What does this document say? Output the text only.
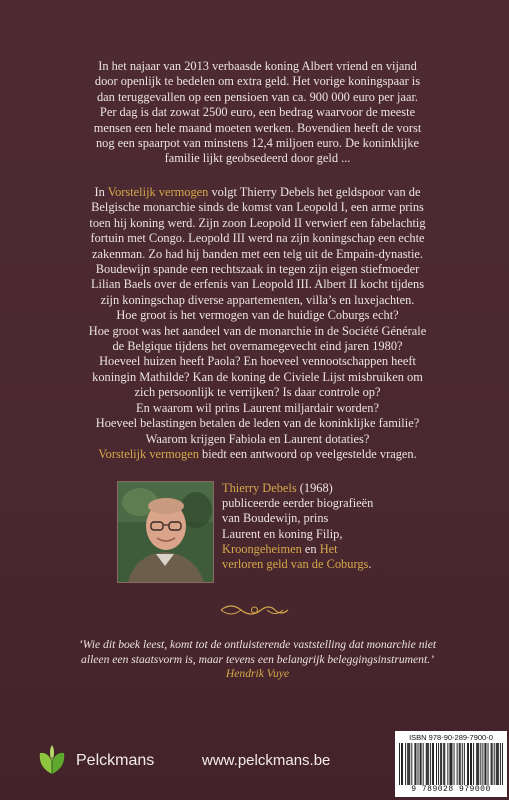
In het najaar van 2013 verbaasde koning Albert vriend en vijand
door openlijk te bedelen om extra geld. Het vorige koningspaar is
dan teruggevallen op een pensioen van ca. 900 000 euro per jaar.
Per dag is dat zowat 2500 euro, een bedrag waarvoor de meeste
mensen een hele maand moeten werken. Bovendien heeft de vorst
nog een spaarpot van minstens 12,4 miljoen euro. De koninklijke
familie lijkt geobsedeerd door geld ...
In Vorstelijk vermogen volgt Thierry Debels het geldspoor van de
Belgische monarchie sinds de komst van Leopold I, een arme prins
toen hij koning werd. Zijn zoon Leopold II verwierf een fabelachtig
fortuin met Congo. Leopold III werd na zijn koningschap een echte
zakenman. Zo had hij banden met een telg uit de Empain-dynastie.
Boudewijn spande een rechtszaak in tegen zijn eigen stiefmoeder
Lilian Baels over de erfenis van Leopold III. Albert II kocht tijdens
zijn koningschap diverse appartementen, villa’s en luxejachten.
Hoe groot is het vermogen van de huidige Coburgs echt?
Hoe groot was het aandeel van de monarchie in de Société Générale
de Belgique tijdens het overnamegevecht eind jaren 1980?
Hoeveel huizen heeft Paola? En hoeveel vennootschappen heeft
koningin Mathilde? Kan de koning de Civiele Lijst misbruiken om
zich persoonlijk te verrijken? Is daar controle op?
En waarom wil prins Laurent miljardair worden?
Hoeveel belastingen betalen de leden van de koninklijke familie?
Waarom krijgen Fabiola en Laurent dotaties?
Vorstelijk vermogen biedt een antwoord op veelgestelde vragen.
Thierry Debels (1968)
publiceerde eerder biografieën
van Boudewijn, prins
Laurent en koning Filip,
Kroongeheimen en Het
verloren geld van de Coburgs.
‘Wie dit boek leest, komt tot de ontluisterende vaststelling dat monarchie niet
alleen een staatsvorm is, maar tevens een belangrijk beleggingsinstrument.’
Hendrik Vuye
Pelckmans	www.pelckmans.be
ISBN 978-90-289-7900-0
9 789028 979000
